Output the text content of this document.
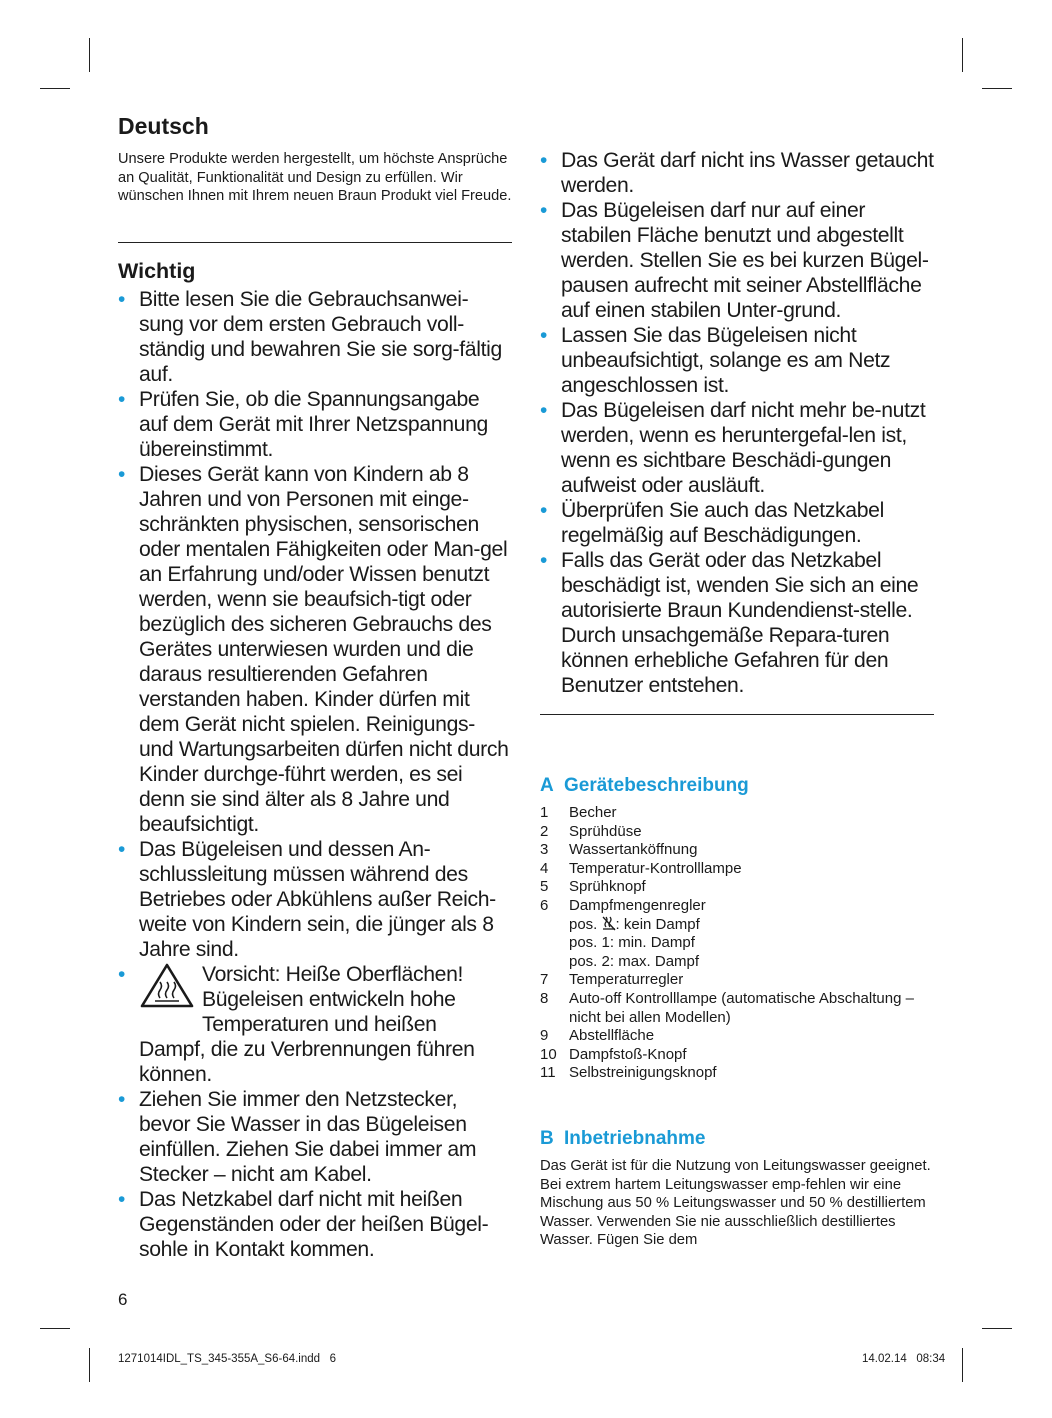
Deutsch

Unsere Produkte werden hergestellt, um höchste Ansprüche an Qualität, Funktionalität und Design zu erfüllen. Wir wünschen Ihnen mit Ihrem neuen Braun Produkt viel Freude.

Wichtig
• Bitte lesen Sie die Gebrauchsanwei-sung vor dem ersten Gebrauch voll-ständig und bewahren Sie sie sorg-fältig auf.
• Prüfen Sie, ob die Spannungsangabe auf dem Gerät mit Ihrer Netzspannung übereinstimmt.
• Dieses Gerät kann von Kindern ab 8 Jahren und von Personen mit einge-schränkten physischen, sensorischen oder mentalen Fähigkeiten oder Man-gel an Erfahrung und/oder Wissen benutzt werden, wenn sie beaufsich-tigt oder bezüglich des sicheren Gebrauchs des Gerätes unterwiesen wurden und die daraus resultierenden Gefahren verstanden haben. Kinder dürfen mit dem Gerät nicht spielen. Reinigungs- und Wartungsarbeiten dürfen nicht durch Kinder durchge-führt werden, es sei denn sie sind älter als 8 Jahre und beaufsichtigt.
• Das Bügeleisen und dessen An-schlussleitung müssen während des Betriebes oder Abkühlens außer Reich-weite von Kindern sein, die jünger als 8 Jahre sind.
•	Vorsicht: Heiße Oberflächen!
Bügeleisen entwickeln hohe
Temperaturen und heißen
Dampf, die zu Verbrennungen führen können.
• Ziehen Sie immer den Netzstecker, bevor Sie Wasser in das Bügeleisen einfüllen. Ziehen Sie dabei immer am Stecker – nicht am Kabel.
• Das Netzkabel darf nicht mit heißen Gegenständen oder der heißen Bügel-sohle in Kontakt kommen.
• Das Gerät darf nicht ins Wasser getaucht werden.
• Das Bügeleisen darf nur auf einer stabilen Fläche benutzt und abgestellt werden. Stellen Sie es bei kurzen Bügel-pausen aufrecht mit seiner Abstellfläche auf einen stabilen Unter-grund.
• Lassen Sie das Bügeleisen nicht unbeaufsichtigt, solange es am Netz angeschlossen ist.
• Das Bügeleisen darf nicht mehr be-nutzt werden, wenn es heruntergefal-len ist, wenn es sichtbare Beschädi-gungen aufweist oder ausläuft.
• Überprüfen Sie auch das Netzkabel regelmäßig auf Beschädigungen.
• Falls das Gerät oder das Netzkabel beschädigt ist, wenden Sie sich an eine autorisierte Braun Kundendienst-stelle. Durch unsachgemäße Repara-turen können erhebliche Gefahren für den Benutzer entstehen.
A Gerätebeschreibung
1	Becher
2	Sprühdüse
3	Wassertanköffnung
4	Temperatur-Kontrolllampe
5	Sprühknopf
6	Dampfmengenregler
pos. : kein Dampf
pos. 1: min. Dampf
pos. 2: max. Dampf
7	Temperaturregler
8	Auto-off Kontrolllampe (automatische Abschaltung – nicht bei allen Modellen)
9	Abstellfläche
10 Dampfstoß-Knopf
11 Selbstreinigungsknopf
B Inbetriebnahme

Das Gerät ist für die Nutzung von Leitungswasser geeignet. Bei extrem hartem Leitungswasser emp-fehlen wir eine Mischung aus 50 % Leitungswasser und 50 % destilliertem Wasser. Verwenden Sie nie ausschließlich destilliertes Wasser. Fügen Sie dem

6
1271014IDL_TS_345-355A_S6-64.indd   6	14.02.14   08:34
